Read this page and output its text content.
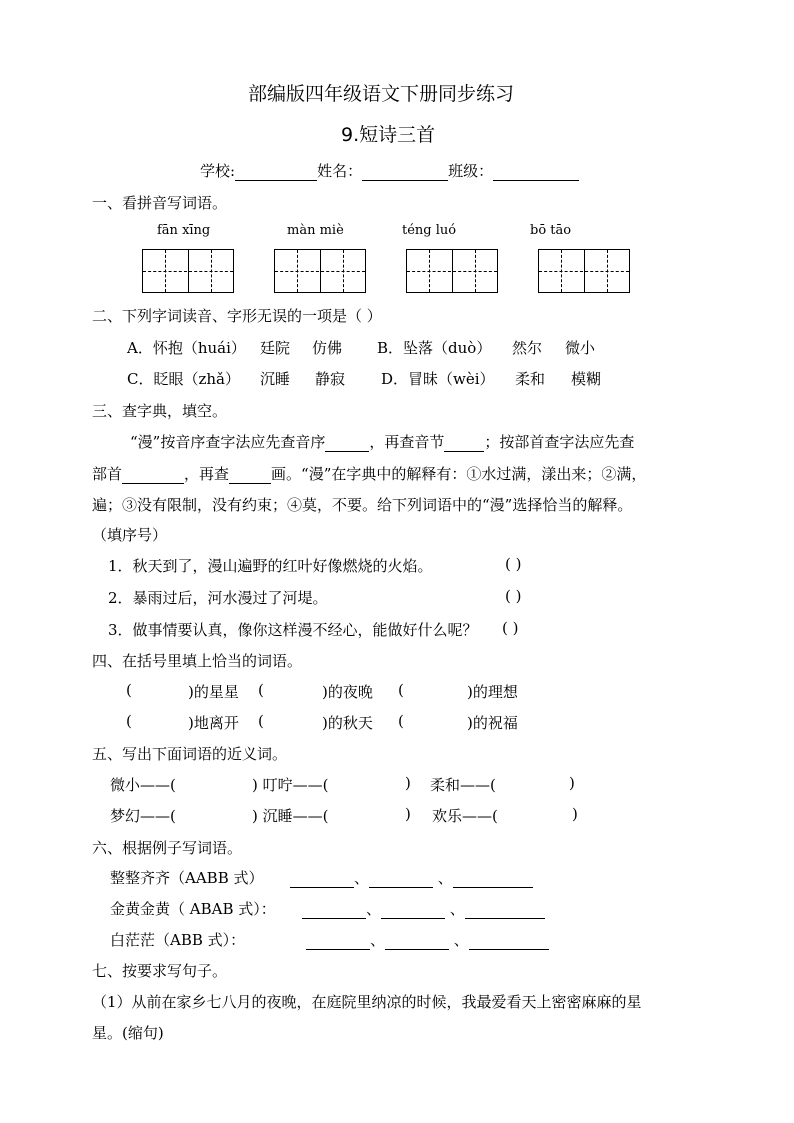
部编版四年级语文下册同步练习
9.短诗三首
学校:	姓名：	班级：
一、看拼音写词语。
fān xīng	màn miè	téng luó	bō tāo
二、下列字词读音、字形无误的一项是（ ）
A．怀抱（huái） 廷院 仿佛 B．坠落（duò） 然尔 微小
C．眨眼（zhǎ） 沉睡 静寂 D．冒昧（wèi） 柔和 模糊
三、查字典，填空。
“漫”按音序查字法应先查音序	，再查音节	；按部首查字法应先查
部首	，再查	画。“漫”在字典中的解释有：①水过满，漾出来；②满，
遍；③没有限制，没有约束；④莫，不要。给下列词语中的“漫”选择恰当的解释。
（填序号）
1．秋天到了，漫山遍野的红叶好像燃烧的火焰。	( )
2．暴雨过后，河水漫过了河堤。	( )
3．做事情要认真，像你这样漫不经心，能做好什么呢？ ( )
四、在括号里填上恰当的词语。
(	)的星星 (	)的夜晚 (	)的理想
(	)地离开 (	)的秋天 (	)的祝福
五、写出下面词语的近义词。
微小——(	) 叮咛——(	) 柔和——(	)
梦幻——(	) 沉睡——(	) 欢乐——(	)
六、根据例子写词语。
整整齐齐（AABB 式）	、	、
金黄金黄（ ABAB 式）：	、	、
白茫茫（ABB 式）：	、	、
七、按要求写句子。
（1）从前在家乡七八月的夜晚，在庭院里纳凉的时候，我最爱看天上密密麻麻的星
星。(缩句)
